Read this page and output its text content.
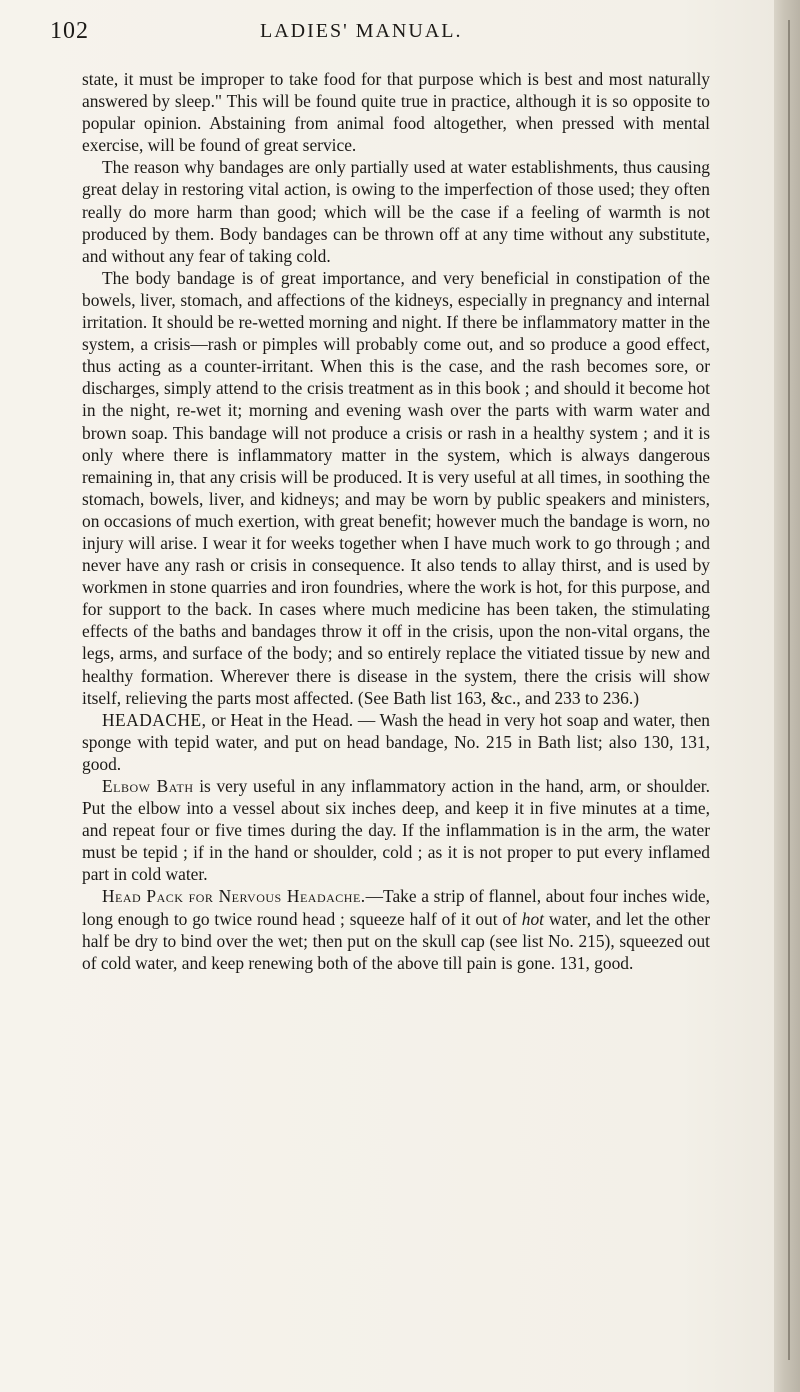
102	LADIES' MANUAL.

state, it must be improper to take food for that purpose which is best and most naturally answered by sleep." This will be found quite true in practice, although it is so opposite to popular opinion. Abstaining from animal food altogether, when pressed with mental exercise, will be found of great service.

The reason why bandages are only partially used at water establishments, thus causing great delay in restoring vital action, is owing to the imperfection of those used; they often really do more harm than good; which will be the case if a feeling of warmth is not produced by them. Body bandages can be thrown off at any time without any substitute, and without any fear of taking cold.

The body bandage is of great importance, and very beneficial in constipation of the bowels, liver, stomach, and affections of the kidneys, especially in pregnancy and internal irritation. It should be re-wetted morning and night. If there be inflammatory matter in the system, a crisis—rash or pimples will probably come out, and so produce a good effect, thus acting as a counter-irritant. When this is the case, and the rash becomes sore, or discharges, simply attend to the crisis treatment as in this book ; and should it become hot in the night, re-wet it; morning and evening wash over the parts with warm water and brown soap. This bandage will not produce a crisis or rash in a healthy system ; and it is only where there is inflammatory matter in the system, which is always dangerous remaining in, that any crisis will be produced. It is very useful at all times, in soothing the stomach, bowels, liver, and kidneys; and may be worn by public speakers and ministers, on occasions of much exertion, with great benefit; however much the bandage is worn, no injury will arise. I wear it for weeks together when I have much work to go through ; and never have any rash or crisis in consequence. It also tends to allay thirst, and is used by workmen in stone quarries and iron foundries, where the work is hot, for this purpose, and for support to the back. In cases where much medicine has been taken, the stimulating effects of the baths and bandages throw it off in the crisis, upon the non-vital organs, the legs, arms, and surface of the body; and so entirely replace the vitiated tissue by new and healthy formation. Wherever there is disease in the system, there the crisis will show itself, relieving the parts most affected. (See Bath list 163, &c., and 233 to 236.)

HEADACHE, or Heat in the Head. — Wash the head in very hot soap and water, then sponge with tepid water, and put on head bandage, No. 215 in Bath list; also 130, 131, good.

Elbow Bath is very useful in any inflammatory action in the hand, arm, or shoulder. Put the elbow into a vessel about six inches deep, and keep it in five minutes at a time, and repeat four or five times during the day. If the inflammation is in the arm, the water must be tepid ; if in the hand or shoulder, cold ; as it is not proper to put every inflamed part in cold water.

Head Pack for Nervous Headache.—Take a strip of flannel, about four inches wide, long enough to go twice round head ; squeeze half of it out of hot water, and let the other half be dry to bind over the wet; then put on the skull cap (see list No. 215), squeezed out of cold water, and keep renewing both of the above till pain is gone. 131, good.
